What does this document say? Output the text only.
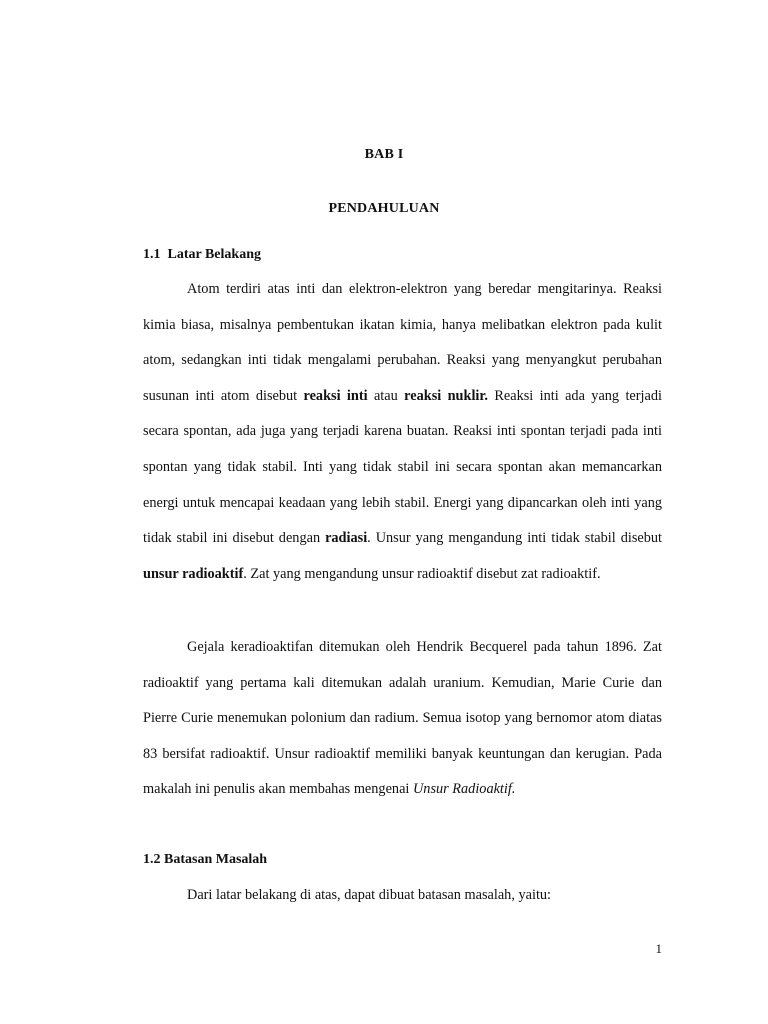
BAB I
PENDAHULUAN
1.1  Latar Belakang

Atom terdiri atas inti dan elektron-elektron yang beredar mengitarinya. Reaksi kimia biasa, misalnya pembentukan ikatan kimia, hanya melibatkan elektron pada kulit atom, sedangkan inti tidak mengalami perubahan. Reaksi yang menyangkut perubahan susunan inti atom disebut reaksi inti atau reaksi nuklir. Reaksi inti ada yang terjadi secara spontan, ada juga yang terjadi karena buatan. Reaksi inti spontan terjadi pada inti spontan yang tidak stabil. Inti yang tidak stabil ini secara spontan akan memancarkan energi untuk mencapai keadaan yang lebih stabil. Energi yang dipancarkan oleh inti yang tidak stabil ini disebut dengan radiasi. Unsur yang mengandung inti tidak stabil disebut unsur radioaktif. Zat yang mengandung unsur radioaktif disebut zat radioaktif.

Gejala keradioaktifan ditemukan oleh Hendrik Becquerel pada tahun 1896. Zat radioaktif yang pertama kali ditemukan adalah uranium. Kemudian, Marie Curie dan Pierre Curie menemukan polonium dan radium. Semua isotop yang bernomor atom diatas 83 bersifat radioaktif. Unsur radioaktif memiliki banyak keuntungan dan kerugian. Pada makalah ini penulis akan membahas mengenai Unsur Radioaktif.

1.2 Batasan Masalah
Dari latar belakang di atas, dapat dibuat batasan masalah, yaitu:
1
